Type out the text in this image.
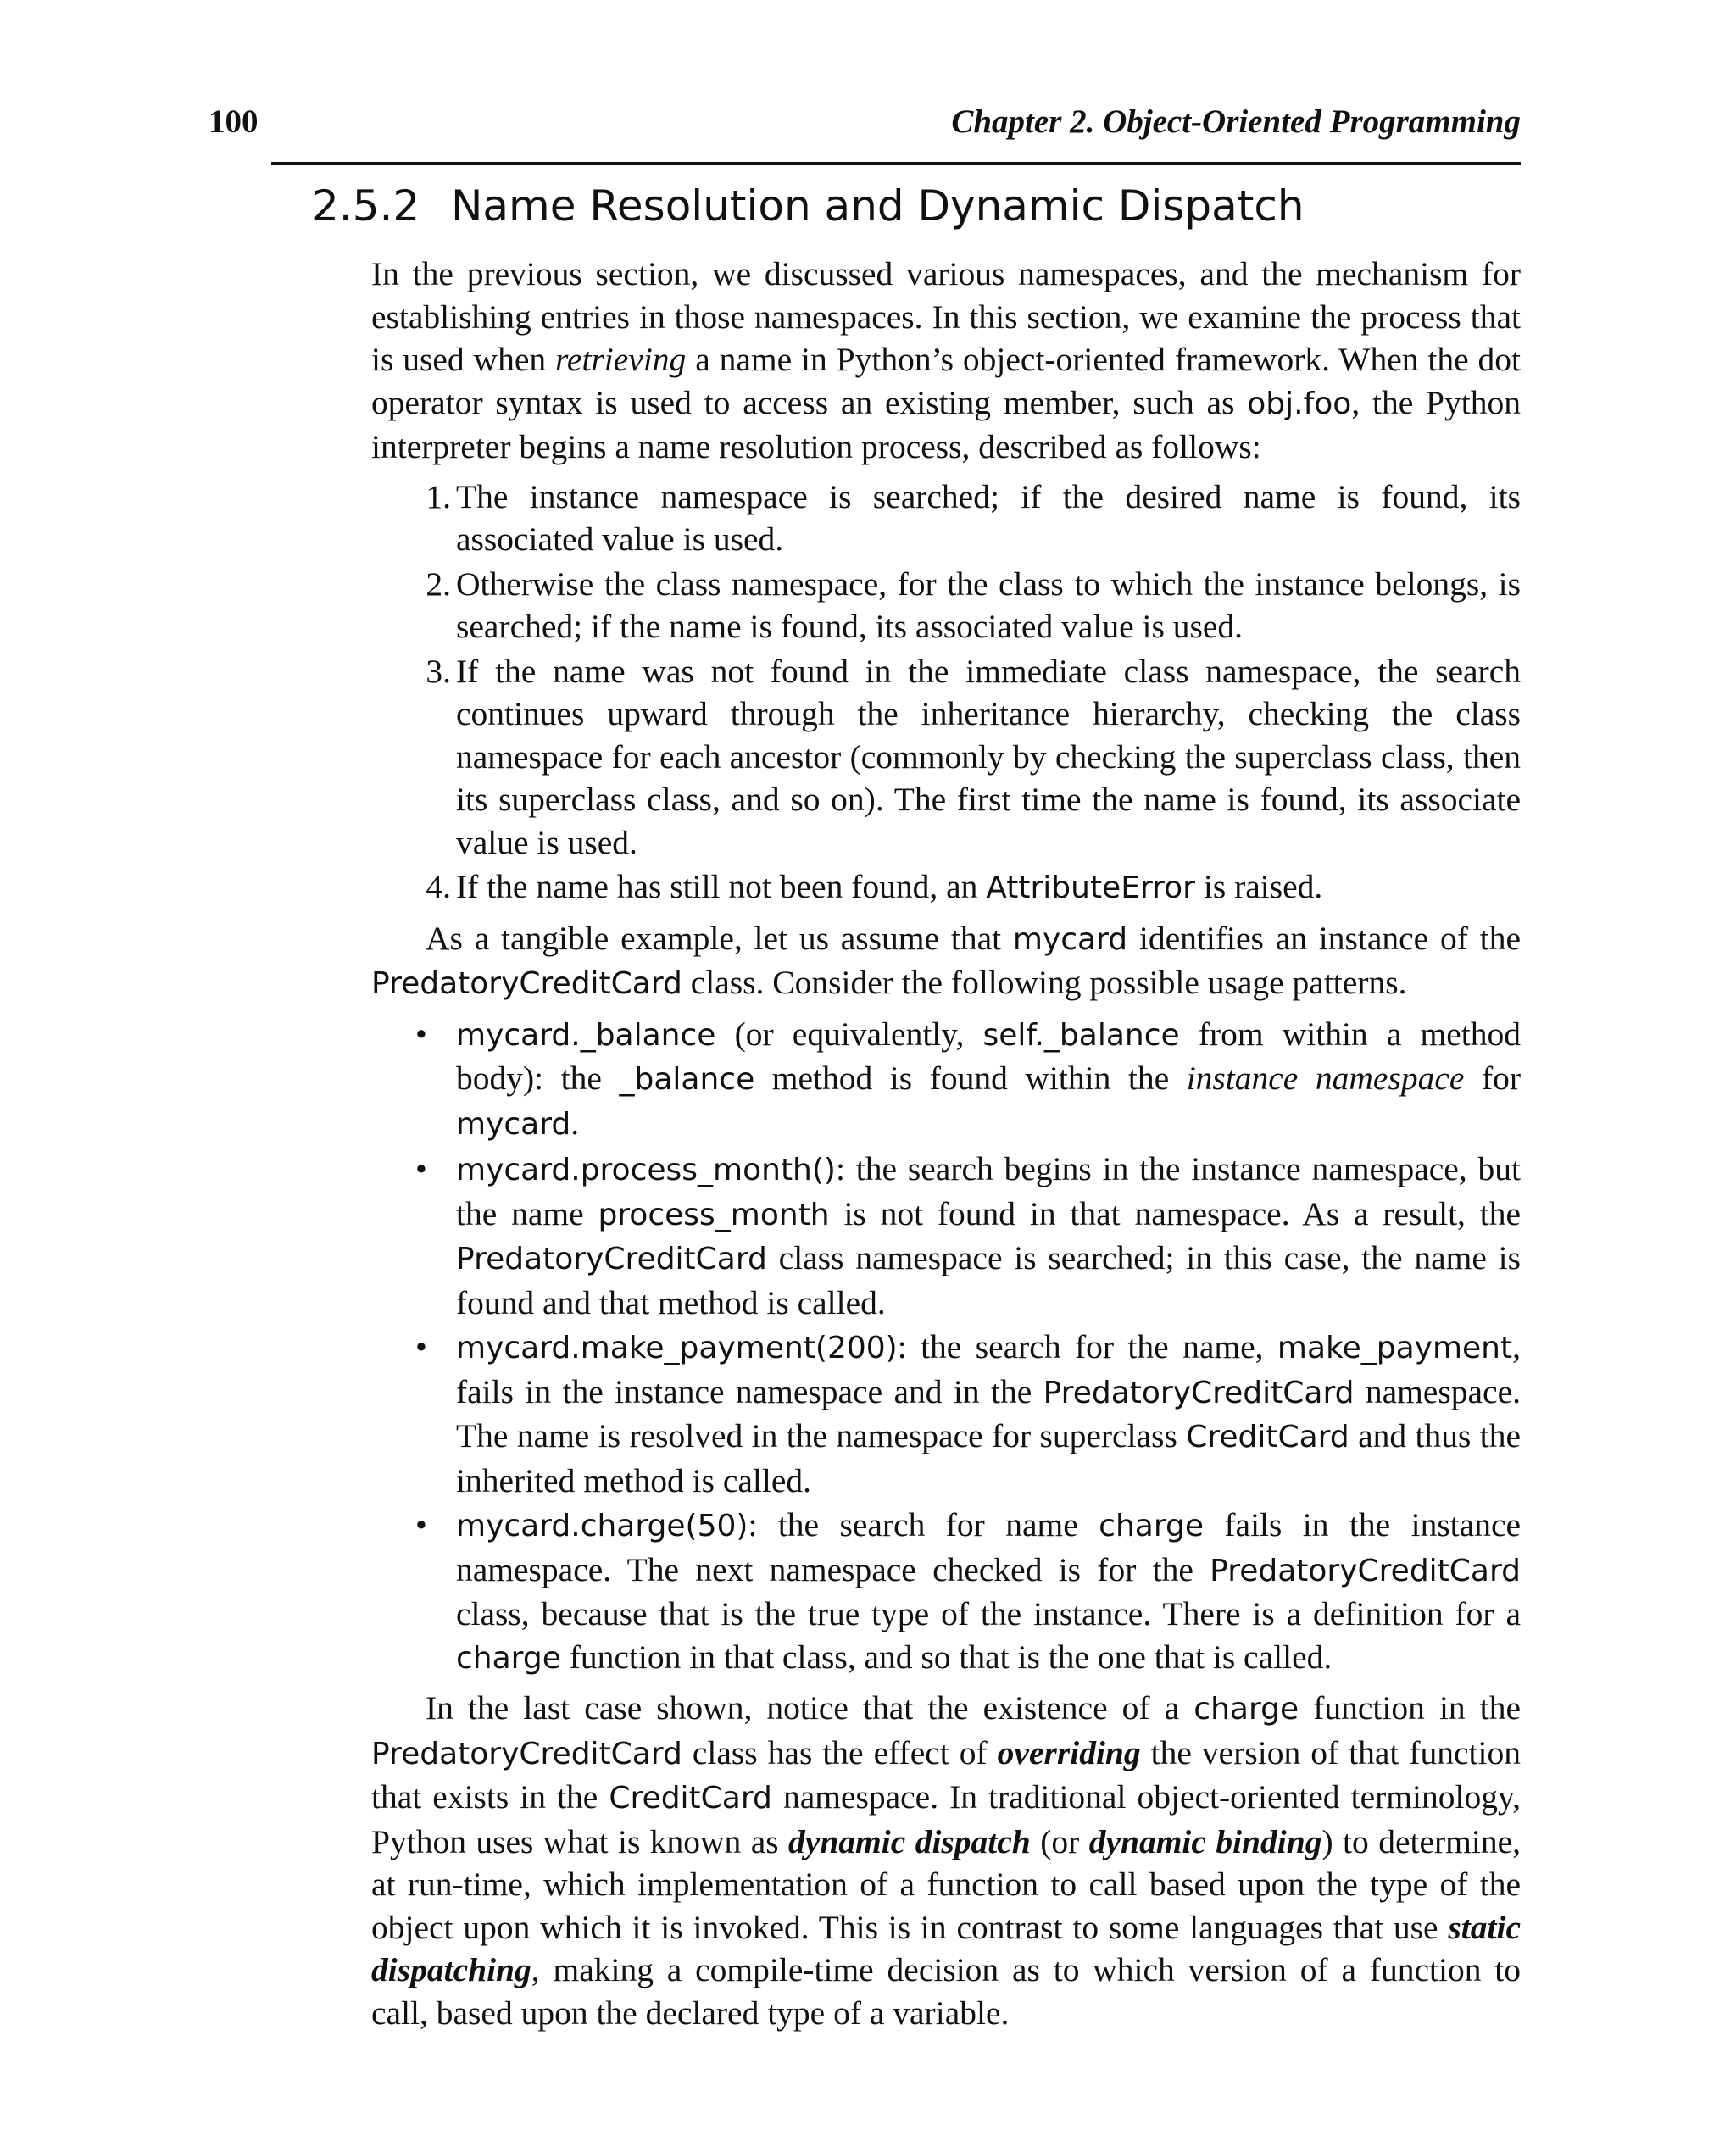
100	Chapter 2. Object-Oriented Programming
2.5.2 Name Resolution and Dynamic Dispatch

In the previous section, we discussed various namespaces, and the mechanism for establishing entries in those namespaces. In this section, we examine the process that is used when retrieving a name in Python’s object-oriented framework. When the dot operator syntax is used to access an existing member, such as obj.foo, the Python interpreter begins a name resolution process, described as follows:

1. The instance namespace is searched; if the desired name is found, its associated value is used.
2. Otherwise the class namespace, for the class to which the instance belongs, is searched; if the name is found, its associated value is used.
3. If the name was not found in the immediate class namespace, the search continues upward through the inheritance hierarchy, checking the class namespace for each ancestor (commonly by checking the superclass class, then its superclass class, and so on). The first time the name is found, its associate value is used.
4. If the name has still not been found, an AttributeError is raised.

As a tangible example, let us assume that mycard identifies an instance of the PredatoryCreditCard class. Consider the following possible usage patterns.

• mycard._balance (or equivalently, self._balance from within a method body): the _balance method is found within the instance namespace for mycard.
• mycard.process_month(): the search begins in the instance namespace, but the name process_month is not found in that namespace. As a result, the PredatoryCreditCard class namespace is searched; in this case, the name is found and that method is called.
• mycard.make_payment(200): the search for the name, make_payment, fails in the instance namespace and in the PredatoryCreditCard namespace. The name is resolved in the namespace for superclass CreditCard and thus the inherited method is called.
• mycard.charge(50): the search for name charge fails in the instance namespace. The next namespace checked is for the PredatoryCreditCard class, because that is the true type of the instance. There is a definition for a charge function in that class, and so that is the one that is called.

In the last case shown, notice that the existence of a charge function in the PredatoryCreditCard class has the effect of overriding the version of that function that exists in the CreditCard namespace. In traditional object-oriented terminology, Python uses what is known as dynamic dispatch (or dynamic binding) to determine, at run-time, which implementation of a function to call based upon the type of the object upon which it is invoked. This is in contrast to some languages that use static dispatching, making a compile-time decision as to which version of a function to call, based upon the declared type of a variable.
